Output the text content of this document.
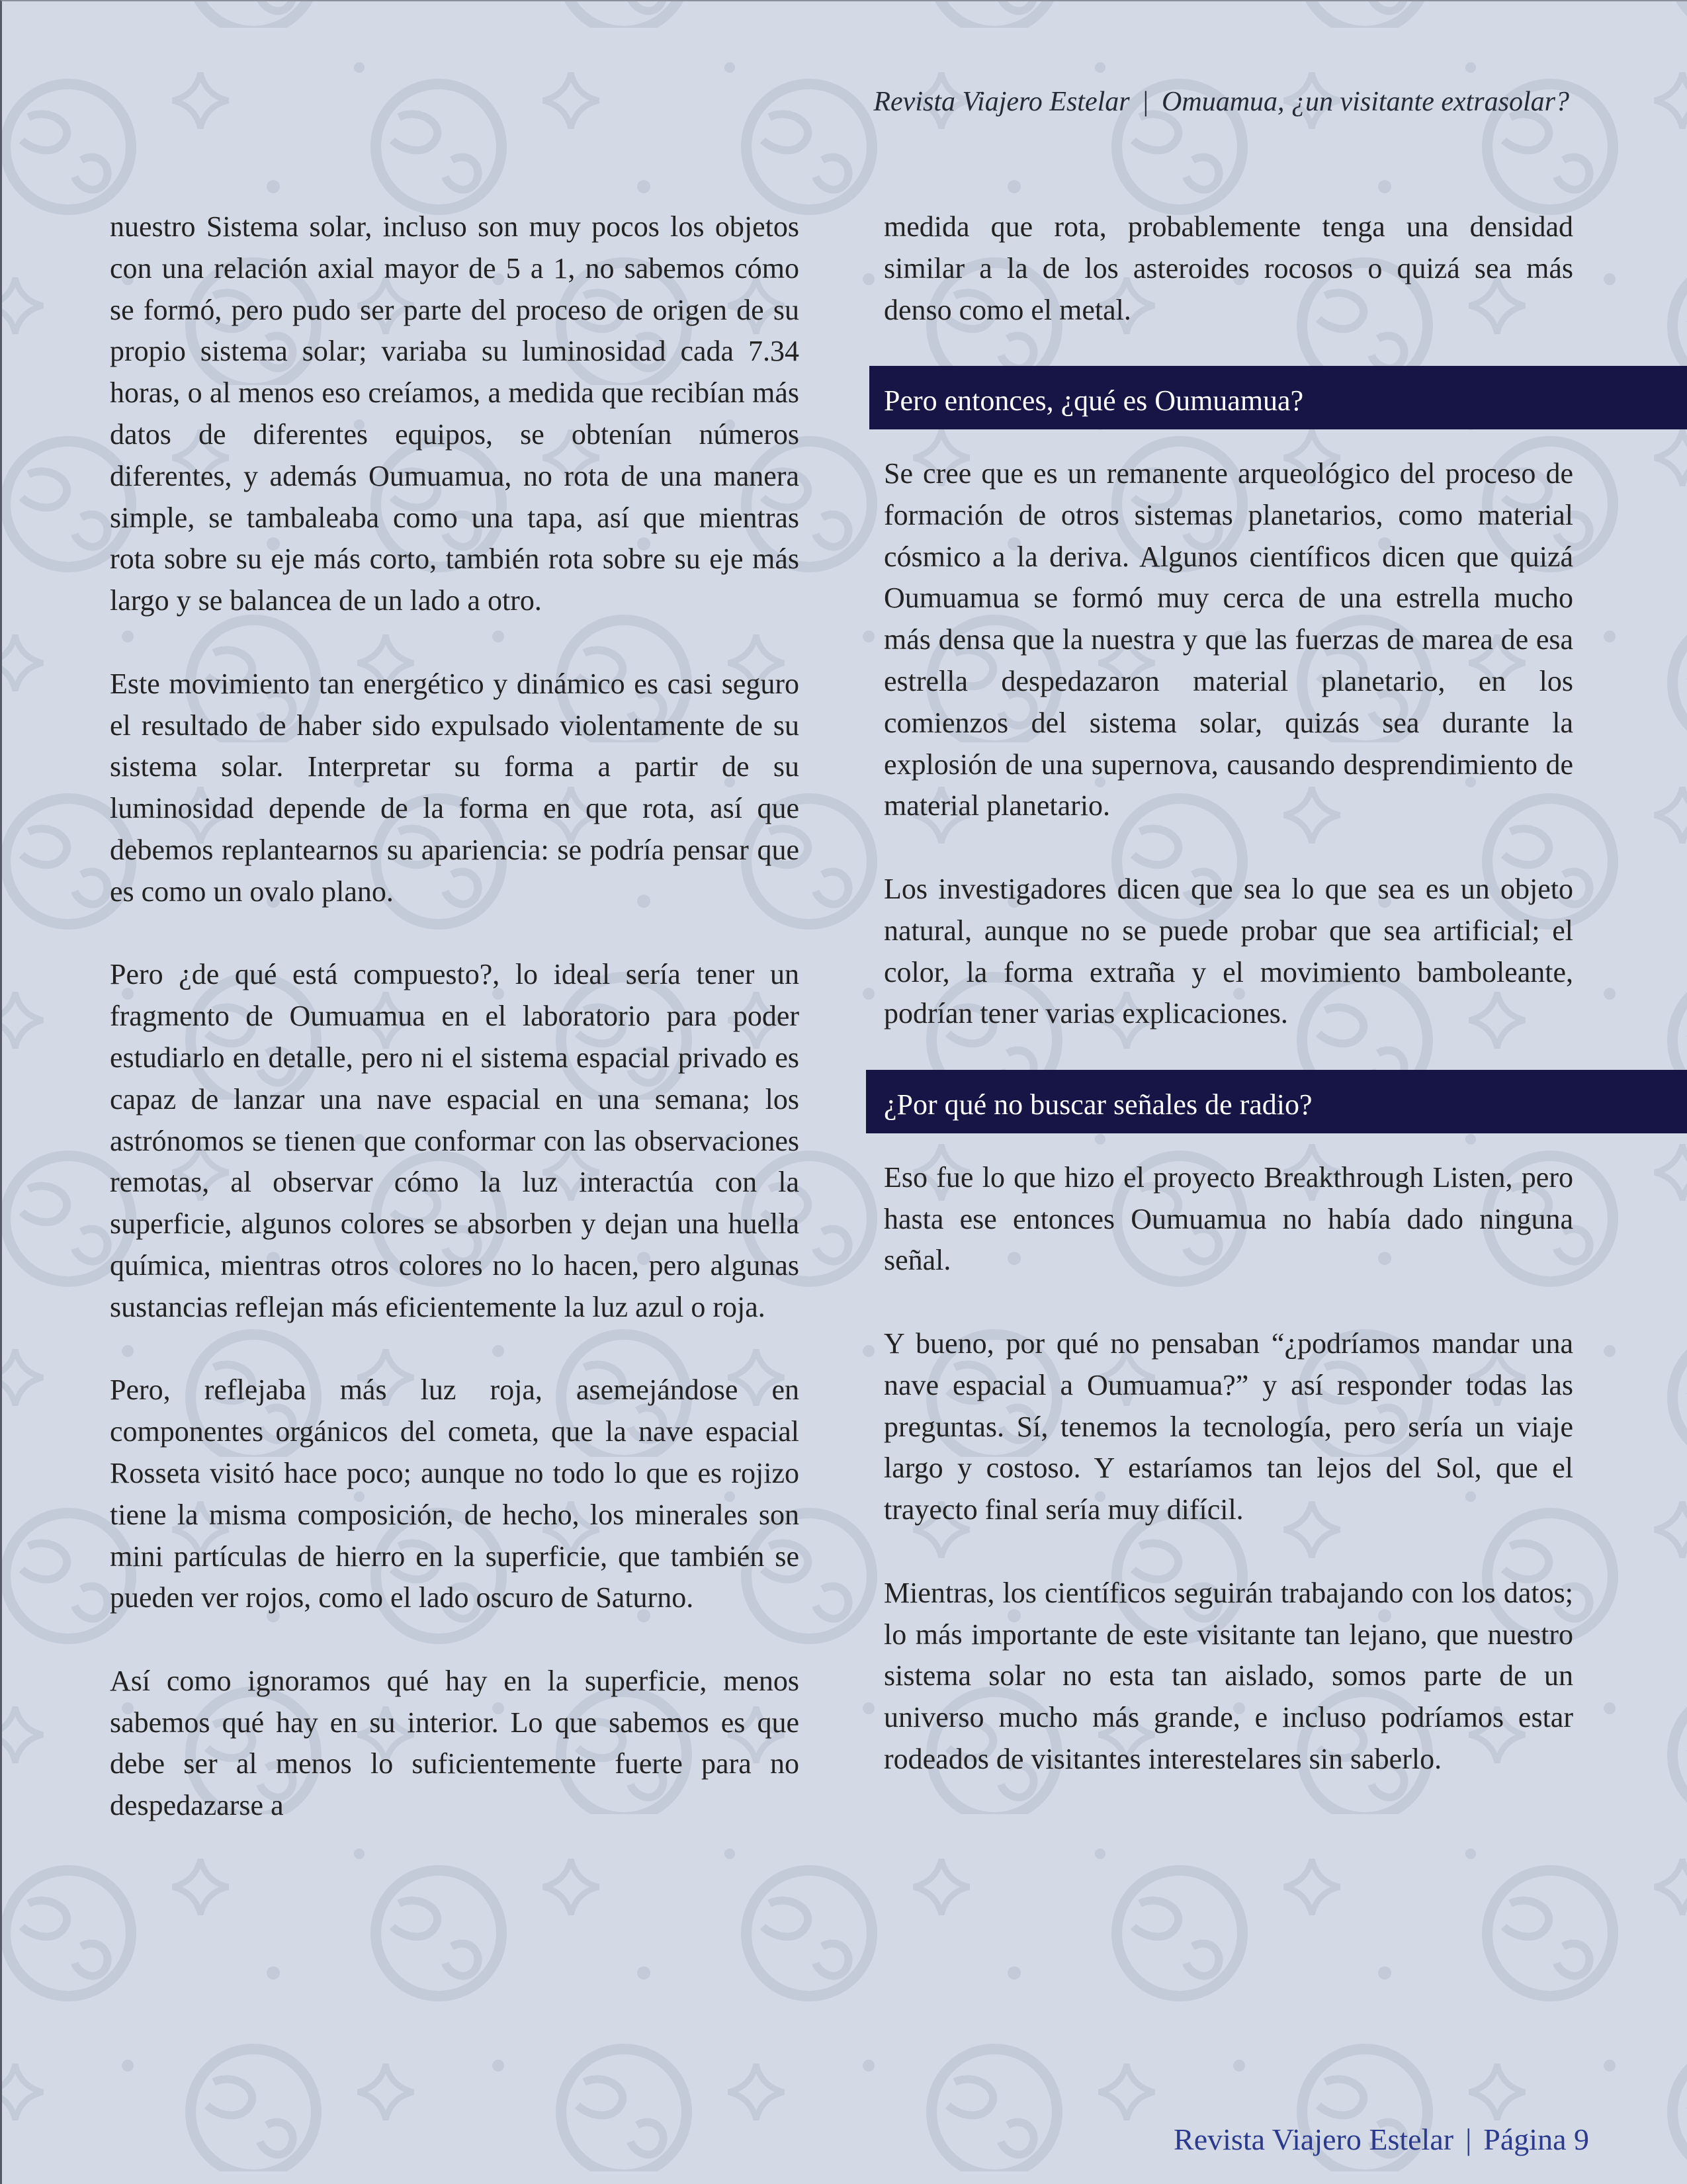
Revista Viajero Estelar | Omuamua, ¿un visitante extrasolar?

nuestro Sistema solar, incluso son muy pocos los objetos con una relación axial mayor de 5 a 1, no sabemos cómo se formó, pero pudo ser parte del proceso de origen de su propio sistema solar; variaba su luminosidad cada 7.34 horas, o al menos eso creíamos, a medida que recibían más datos de diferentes equipos, se obtenían números diferentes, y además Oumuamua, no rota de una manera simple, se tambaleaba como una tapa, así que mientras rota sobre su eje más corto, también rota sobre su eje más largo y se balancea de un lado a otro.

Este movimiento tan energético y dinámico es casi seguro el resultado de haber sido expulsado violentamente de su sistema solar. Interpretar su forma a partir de su luminosidad depende de la forma en que rota, así que debemos replantearnos su apariencia: se podría pensar que es como un ovalo plano.

Pero ¿de qué está compuesto?, lo ideal sería tener un fragmento de Oumuamua en el laboratorio para poder estudiarlo en detalle, pero ni el sistema espacial privado es capaz de lanzar una nave espacial en una semana; los astrónomos se tienen que conformar con las observaciones remotas, al observar cómo la luz interactúa con la superficie, algunos colores se absorben y dejan una huella química, mientras otros colores no lo hacen, pero algunas sustancias reflejan más eficientemente la luz azul o roja.

Pero, reflejaba más luz roja, asemejándose en componentes orgánicos del cometa, que la nave espacial Rosseta visitó hace poco; aunque no todo lo que es rojizo tiene la misma composición, de hecho, los minerales son mini partículas de hierro en la superficie, que también se pueden ver rojos, como el lado oscuro de Saturno.

Así como ignoramos qué hay en la superficie, menos sabemos qué hay en su interior. Lo que sabemos es que debe ser al menos lo suficientemente fuerte para no despedazarse a

medida que rota, probablemente tenga una densidad similar a la de los asteroides rocosos o quizá sea más denso como el metal.

Pero entonces, ¿qué es Oumuamua?

Se cree que es un remanente arqueológico del proceso de formación de otros sistemas planetarios, como material cósmico a la deriva. Algunos científicos dicen que quizá Oumuamua se formó muy cerca de una estrella mucho más densa que la nuestra y que las fuerzas de marea de esa estrella despedazaron material planetario, en los comienzos del sistema solar, quizás sea durante la explosión de una supernova, causando desprendimiento de material planetario.

Los investigadores dicen que sea lo que sea es un objeto natural, aunque no se puede probar que sea artificial; el color, la forma extraña y el movimiento bamboleante, podrían tener varias explicaciones.

¿Por qué no buscar señales de radio?

Eso fue lo que hizo el proyecto Breakthrough Listen, pero hasta ese entonces Oumuamua no había dado ninguna señal.

Y bueno, por qué no pensaban “¿podríamos mandar una nave espacial a Oumuamua?” y así responder todas las preguntas. Sí, tenemos la tecnología, pero sería un viaje largo y costoso. Y estaríamos tan lejos del Sol, que el trayecto final sería muy difícil.

Mientras, los científicos seguirán trabajando con los datos; lo más importante de este visitante tan lejano, que nuestro sistema solar no esta tan aislado, somos parte de un universo mucho más grande, e incluso podríamos estar rodeados de visitantes interestelares sin saberlo.

Revista Viajero Estelar | Página 9
